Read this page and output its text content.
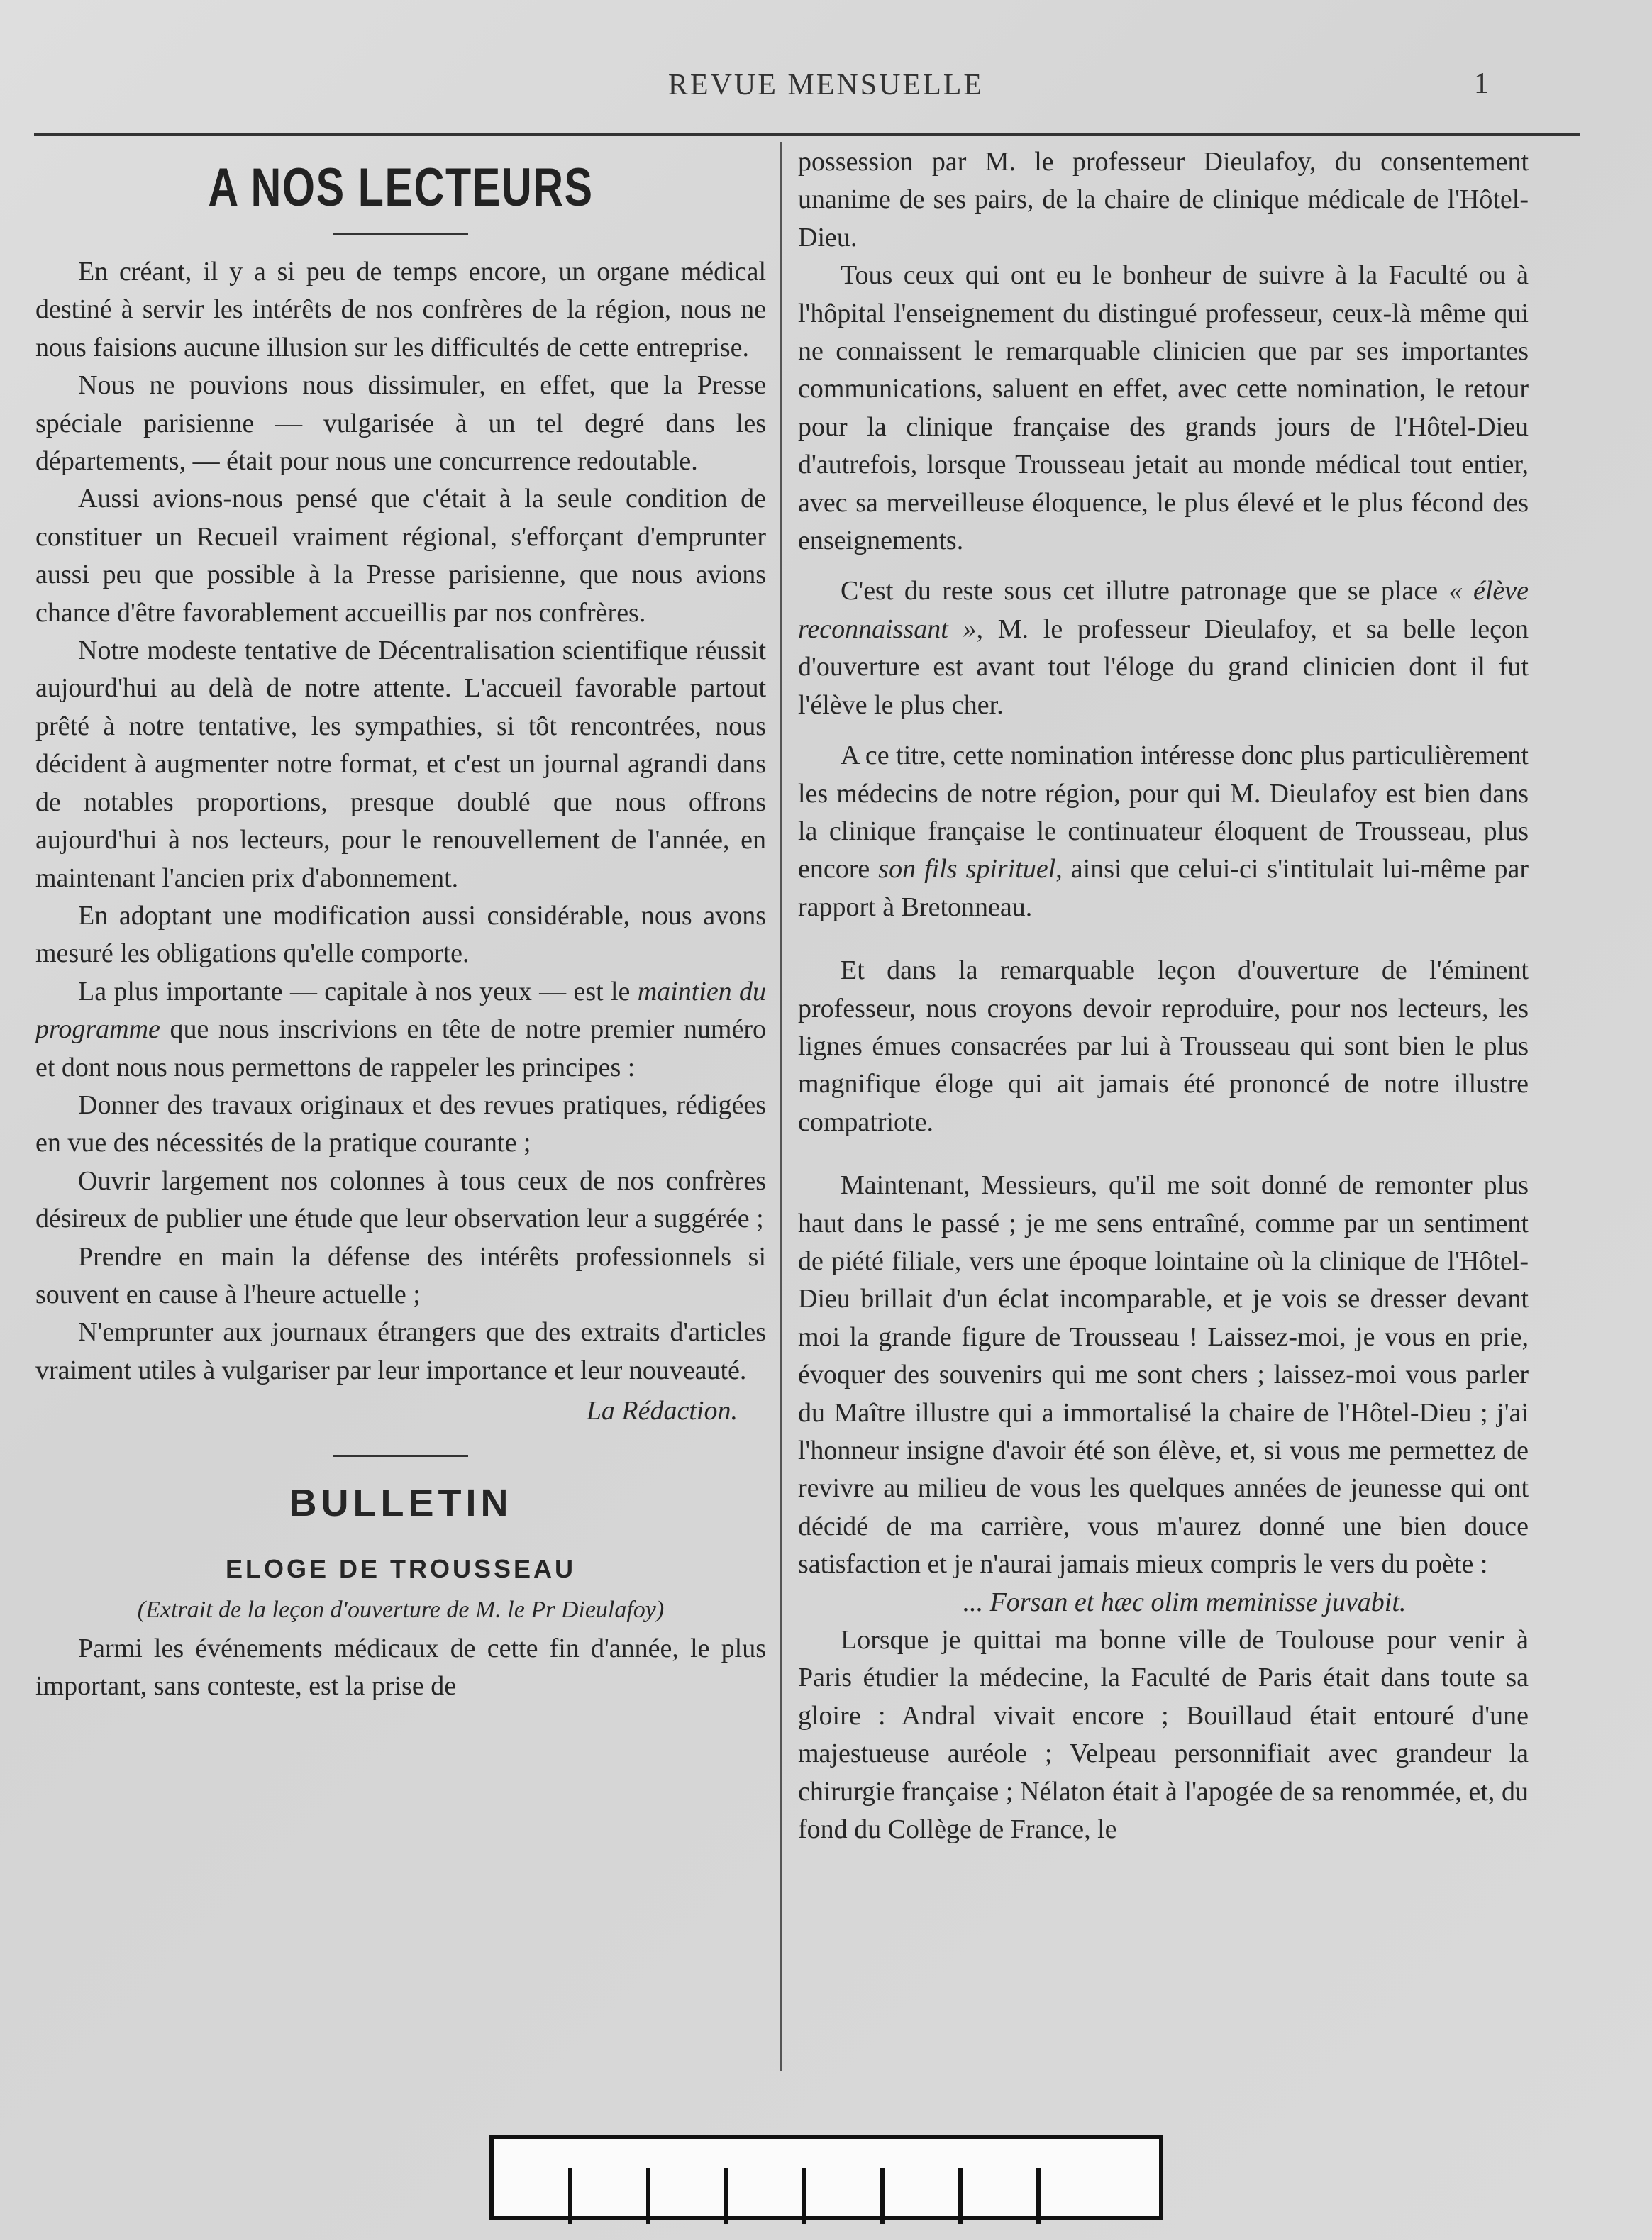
REVUE MENSUELLE	1
A NOS LECTEURS

En créant, il y a si peu de temps encore, un organe médical destiné à servir les intérêts de nos confrères de la région, nous ne nous faisions aucune illusion sur les difficultés de cette entreprise.

Nous ne pouvions nous dissimuler, en effet, que la Presse spéciale parisienne — vulgarisée à un tel degré dans les départements, — était pour nous une concurrence redoutable.

Aussi avions-nous pensé que c'était à la seule condition de constituer un Recueil vraiment régional, s'efforçant d'emprunter aussi peu que possible à la Presse parisienne, que nous avions chance d'être favorablement accueillis par nos confrères.

Notre modeste tentative de Décentralisation scientifique réussit aujourd'hui au delà de notre attente. L'accueil favorable partout prêté à notre tentative, les sympathies, si tôt rencontrées, nous décident à augmenter notre format, et c'est un journal agrandi dans de notables proportions, presque doublé que nous offrons aujourd'hui à nos lecteurs, pour le renouvellement de l'année, en maintenant l'ancien prix d'abonnement.

En adoptant une modification aussi considérable, nous avons mesuré les obligations qu'elle comporte.

La plus importante — capitale à nos yeux — est le maintien du programme que nous inscrivions en tête de notre premier numéro et dont nous nous permettons de rappeler les principes :

Donner des travaux originaux et des revues pratiques, rédigées en vue des nécessités de la pratique courante ;

Ouvrir largement nos colonnes à tous ceux de nos confrères désireux de publier une étude que leur observation leur a suggérée ;

Prendre en main la défense des intérêts professionnels si souvent en cause à l'heure actuelle ;

N'emprunter aux journaux étrangers que des extraits d'articles vraiment utiles à vulgariser par leur importance et leur nouveauté.

La Rédaction.
BULLETIN
ELOGE DE TROUSSEAU
(Extrait de la leçon d'ouverture de M. le Pr Dieulafoy)

Parmi les événements médicaux de cette fin d'année, le plus important, sans conteste, est la prise de

possession par M. le professeur Dieulafoy, du consentement unanime de ses pairs, de la chaire de clinique médicale de l'Hôtel-Dieu.

Tous ceux qui ont eu le bonheur de suivre à la Faculté ou à l'hôpital l'enseignement du distingué professeur, ceux-là même qui ne connaissent le remarquable clinicien que par ses importantes communications, saluent en effet, avec cette nomination, le retour pour la clinique française des grands jours de l'Hôtel-Dieu d'autrefois, lorsque Trousseau jetait au monde médical tout entier, avec sa merveilleuse éloquence, le plus élevé et le plus fécond des enseignements.

C'est du reste sous cet illutre patronage que se place « élève reconnaissant », M. le professeur Dieulafoy, et sa belle leçon d'ouverture est avant tout l'éloge du grand clinicien dont il fut l'élève le plus cher.

A ce titre, cette nomination intéresse donc plus particulièrement les médecins de notre région, pour qui M. Dieulafoy est bien dans la clinique française le continuateur éloquent de Trousseau, plus encore son fils spirituel, ainsi que celui-ci s'intitulait lui-même par rapport à Bretonneau.

Et dans la remarquable leçon d'ouverture de l'éminent professeur, nous croyons devoir reproduire, pour nos lecteurs, les lignes émues consacrées par lui à Trousseau qui sont bien le plus magnifique éloge qui ait jamais été prononcé de notre illustre compatriote.

Maintenant, Messieurs, qu'il me soit donné de remonter plus haut dans le passé ; je me sens entraîné, comme par un sentiment de piété filiale, vers une époque lointaine où la clinique de l'Hôtel-Dieu brillait d'un éclat incomparable, et je vois se dresser devant moi la grande figure de Trousseau ! Laissez-moi, je vous en prie, évoquer des souvenirs qui me sont chers ; laissez-moi vous parler du Maître illustre qui a immortalisé la chaire de l'Hôtel-Dieu ; j'ai l'honneur insigne d'avoir été son élève, et, si vous me permettez de revivre au milieu de vous les quelques années de jeunesse qui ont décidé de ma carrière, vous m'aurez donné une bien douce satisfaction et je n'aurai jamais mieux compris le vers du poète :

... Forsan et hæc olim meminisse juvabit.

Lorsque je quittai ma bonne ville de Toulouse pour venir à Paris étudier la médecine, la Faculté de Paris était dans toute sa gloire : Andral vivait encore ; Bouillaud était entouré d'une majestueuse auréole ; Velpeau personnifiait avec grandeur la chirurgie française ; Nélaton était à l'apogée de sa renommée, et, du fond du Collège de France, le
